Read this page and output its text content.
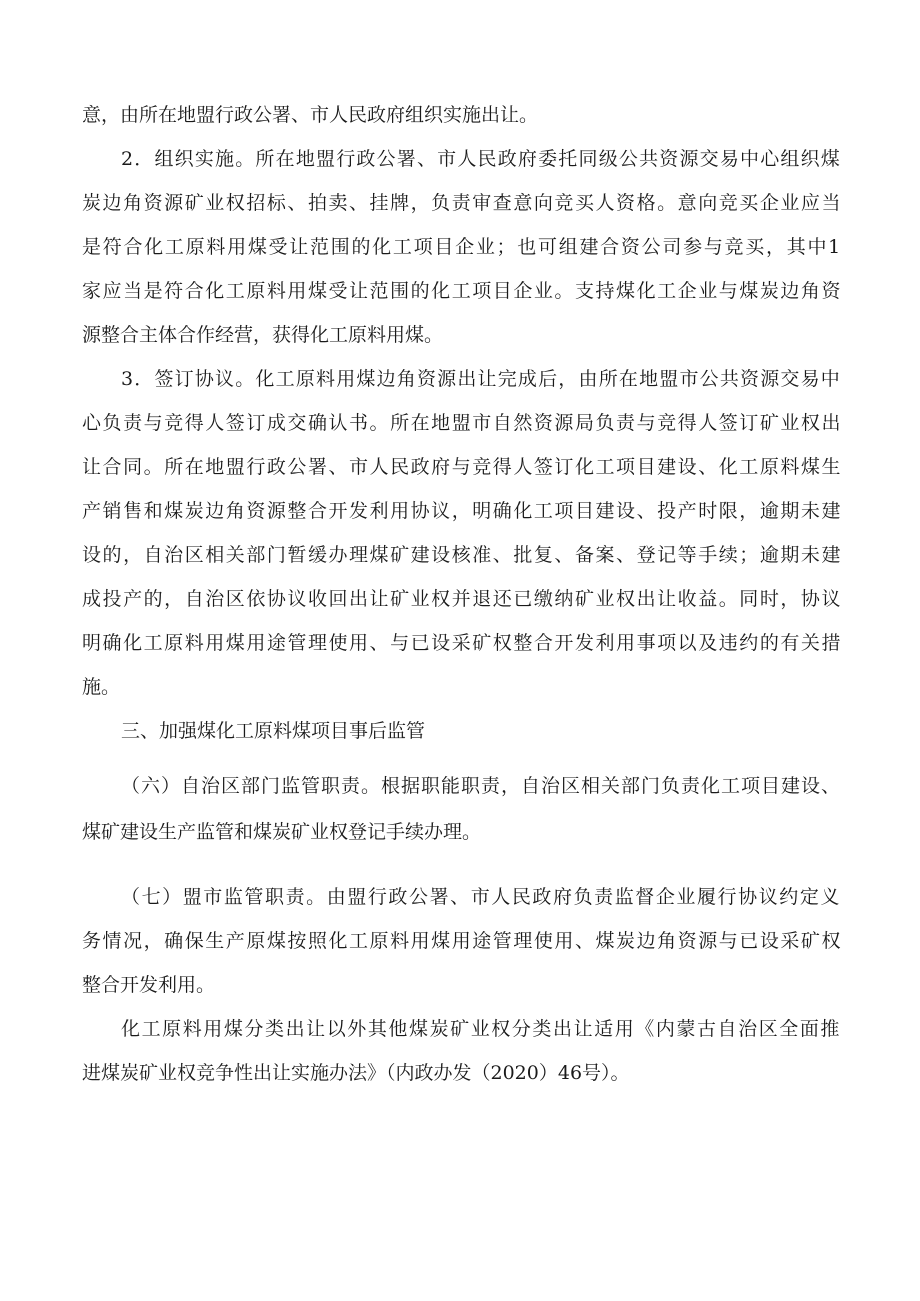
意，由所在地盟行政公署、市人民政府组织实施出让。
2．组织实施。所在地盟行政公署、市人民政府委托同级公共资源交易中心组织煤
炭边角资源矿业权招标、拍卖、挂牌，负责审查意向竞买人资格。意向竞买企业应当
是符合化工原料用煤受让范围的化工项目企业；也可组建合资公司参与竞买，其中1
家应当是符合化工原料用煤受让范围的化工项目企业。支持煤化工企业与煤炭边角资
源整合主体合作经营，获得化工原料用煤。
3．签订协议。化工原料用煤边角资源出让完成后，由所在地盟市公共资源交易中
心负责与竞得人签订成交确认书。所在地盟市自然资源局负责与竞得人签订矿业权出
让合同。所在地盟行政公署、市人民政府与竞得人签订化工项目建设、化工原料煤生
产销售和煤炭边角资源整合开发利用协议，明确化工项目建设、投产时限，逾期未建
设的，自治区相关部门暂缓办理煤矿建设核准、批复、备案、登记等手续；逾期未建
成投产的，自治区依协议收回出让矿业权并退还已缴纳矿业权出让收益。同时，协议
明确化工原料用煤用途管理使用、与已设采矿权整合开发利用事项以及违约的有关措
施。
三、加强煤化工原料煤项目事后监管
（六）自治区部门监管职责。根据职能职责，自治区相关部门负责化工项目建设、
煤矿建设生产监管和煤炭矿业权登记手续办理。
（七）盟市监管职责。由盟行政公署、市人民政府负责监督企业履行协议约定义
务情况，确保生产原煤按照化工原料用煤用途管理使用、煤炭边角资源与已设采矿权
整合开发利用。
化工原料用煤分类出让以外其他煤炭矿业权分类出让适用《内蒙古自治区全面推
进煤炭矿业权竞争性出让实施办法》（内政办发（2020）46号）。
